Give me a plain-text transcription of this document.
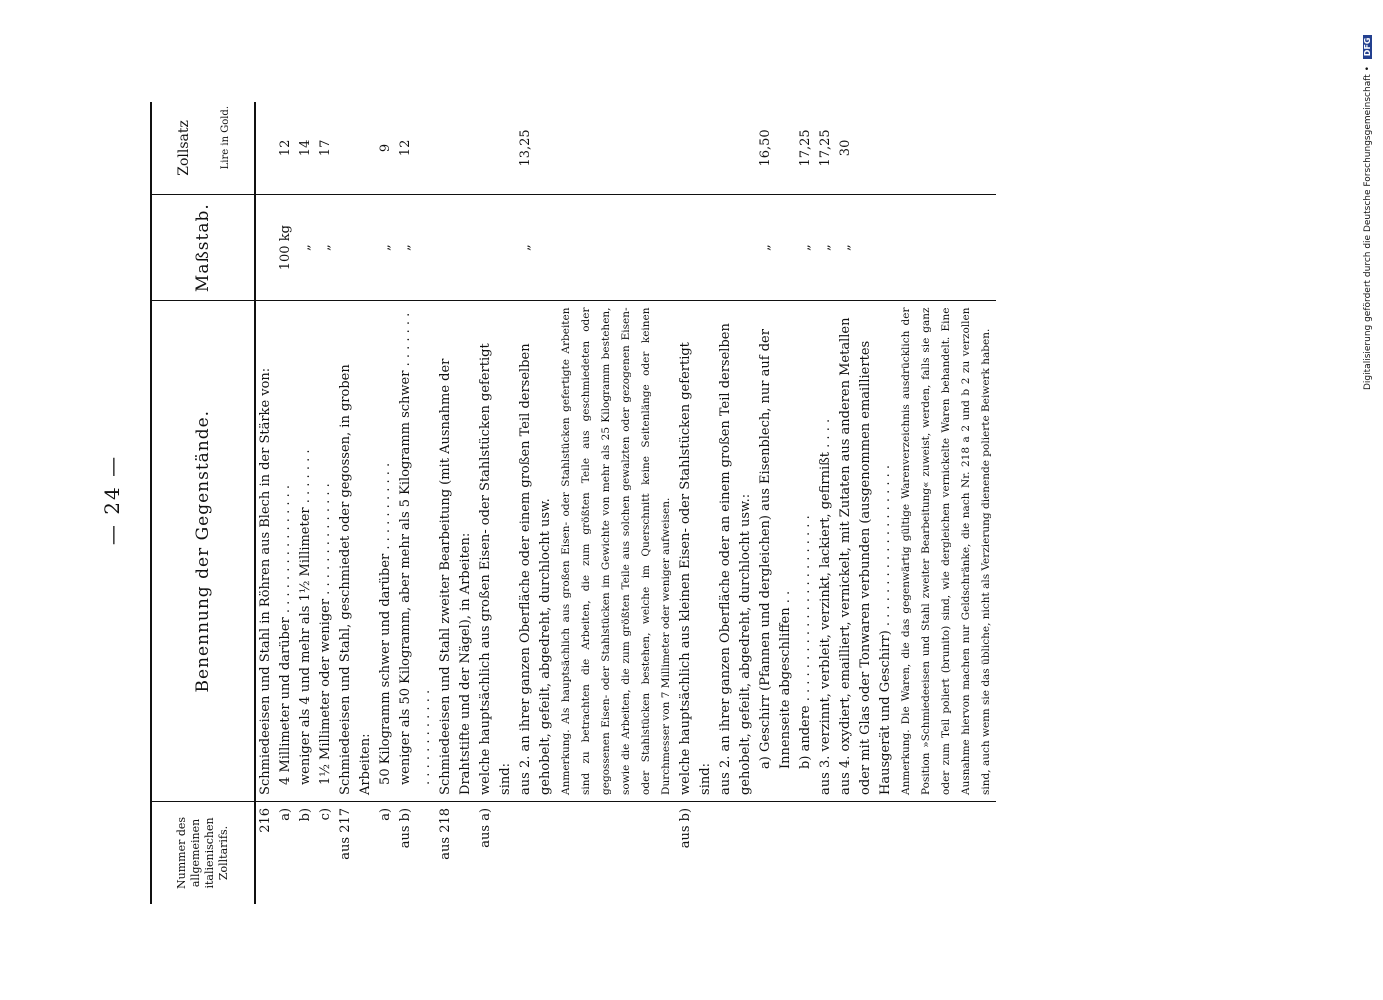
— 24 —
Nummer des allgemeinen italienischen Zolltarifs.	Benennung der Gegenstände.	Maßstab.	Zollsatz Lire in Gold.

216	Schmiedeeisen und Stahl in Röhren aus Blech in der Stärke von:		
a)	4 Millimeter und darüber . . . . . . . . . . . . . . . .	100 kg	12
b)	weniger als 4 und mehr als 1½ Millimeter . . . . . . .	„	14
c)	1½ Millimeter oder weniger . . . . . . . . . . . . . .	„	17
aus 217	Schmiedeeisen und Stahl, geschmiedet oder gegossen, in groben Arbeiten:		
a)	50 Kilogramm schwer und darüber . . . . . . . . . . .	„	9
aus b)	weniger als 50 Kilogramm, aber mehr als 5 Kilogramm schwer . . . . . . . . . . . . . . . . . . .	„	12
aus 218	Schmiedeeisen und Stahl zweiter Bearbeitung (mit Ausnahme der Drahtstifte und der Nägel), in Arbeiten:		
aus a)	welche hauptsächlich aus großen Eisen- oder Stahlstücken gefertigt sind:		
	aus 2. an ihrer ganzen Oberfläche oder einem großen Teil derselben gehobelt, gefeilt, abgedreht, durchlocht usw.	„	13,25
	Anmerkung. Als hauptsächlich aus großen Eisen- oder Stahlstücken gefertigte Arbeiten sind zu betrachten die Arbeiten, die zum größten Teile aus geschmiedeten oder gegossenen Eisen- oder Stahlstücken im Gewichte von mehr als 25 Kilogramm bestehen, sowie die Arbeiten, die zum größten Teile aus solchen gewalzten oder gezogenen Eisen- oder Stahlstücken bestehen, welche im Querschnitt keine Seitenlänge oder keinen Durchmesser von 7 Millimeter oder weniger aufweisen.		
aus b)	welche hauptsächlich aus kleinen Eisen- oder Stahlstücken gefertigt sind:		
	aus 2. an ihrer ganzen Oberfläche oder an einem großen Teil derselben gehobelt, gefeilt, abgedreht, durchlocht usw.:		
	a) Geschirr (Pfannen und dergleichen) aus Eisenblech, nur auf der Innenseite abgeschliffen . .	„	16,50
	b) andere . . . . . . . . . . . . . . . . . . . . . . .	„	17,25
	aus 3. verzinnt, verbleit, verzinkt, lackiert, gefirnißt . . . .	„	17,25
	aus 4. oxydiert, emailliert, vernickelt, mit Zutaten aus anderen Metallen oder mit Glas oder Tonwaren verbunden (ausgenommen emailliertes Hausgerät und Geschirr) . . . . . . . . . . . . . . . . . . . .	„	30
	Anmerkung. Die Waren, die das gegenwärtig gültige Warenverzeichnis ausdrücklich der Position »Schmiedeeisen und Stahl zweiter Bearbeitung« zuweist, werden, falls sie ganz oder zum Teil poliert (brunito) sind, wie dergleichen vernickelte Waren behandelt. Eine Ausnahme hiervon machen nur Geldschränke, die nach Nr. 218 a 2 und b 2 zu verzollen sind, auch wenn sie das übliche, nicht als Verzierung dienende polierte Beiwerk haben.		
Digitalisierung gefördert durch die Deutsche Forschungsgemeinschaft • DFG
